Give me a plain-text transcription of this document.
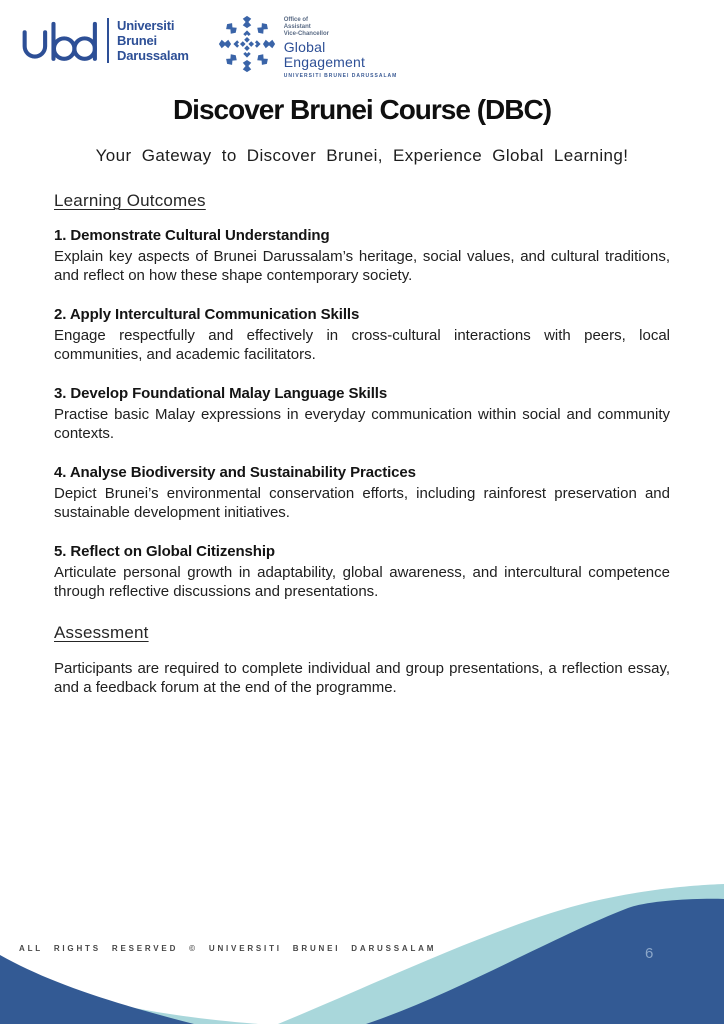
Universiti
Brunei
Darussalam
Office of
Assistant
Vice-Chancellor
Global
Engagement
UNIVERSITI BRUNEI DARUSSALAM
Discover Brunei Course (DBC)

Your Gateway to Discover Brunei, Experience Global Learning!

Learning Outcomes
1. Demonstrate Cultural Understanding

Explain key aspects of Brunei Darussalam’s heritage, social values, and cultural traditions, and reflect on how these shape contemporary society.

2. Apply Intercultural Communication Skills

Engage respectfully and effectively in cross-cultural interactions with peers, local communities, and academic facilitators.

3. Develop Foundational Malay Language Skills

Practise basic Malay expressions in everyday communication within social and community contexts.

4. Analyse Biodiversity and Sustainability Practices

Depict Brunei’s environmental conservation efforts, including rainforest preservation and sustainable development initiatives.

5. Reflect on Global Citizenship

Articulate personal growth in adaptability, global awareness, and intercultural competence through reflective discussions and presentations.

Assessment

Participants are required to complete individual and group presentations, a reflection essay, and a feedback forum at the end of the programme.

ALL RIGHTS RESERVED © UNIVERSITI BRUNEI DARUSSALAM	6
